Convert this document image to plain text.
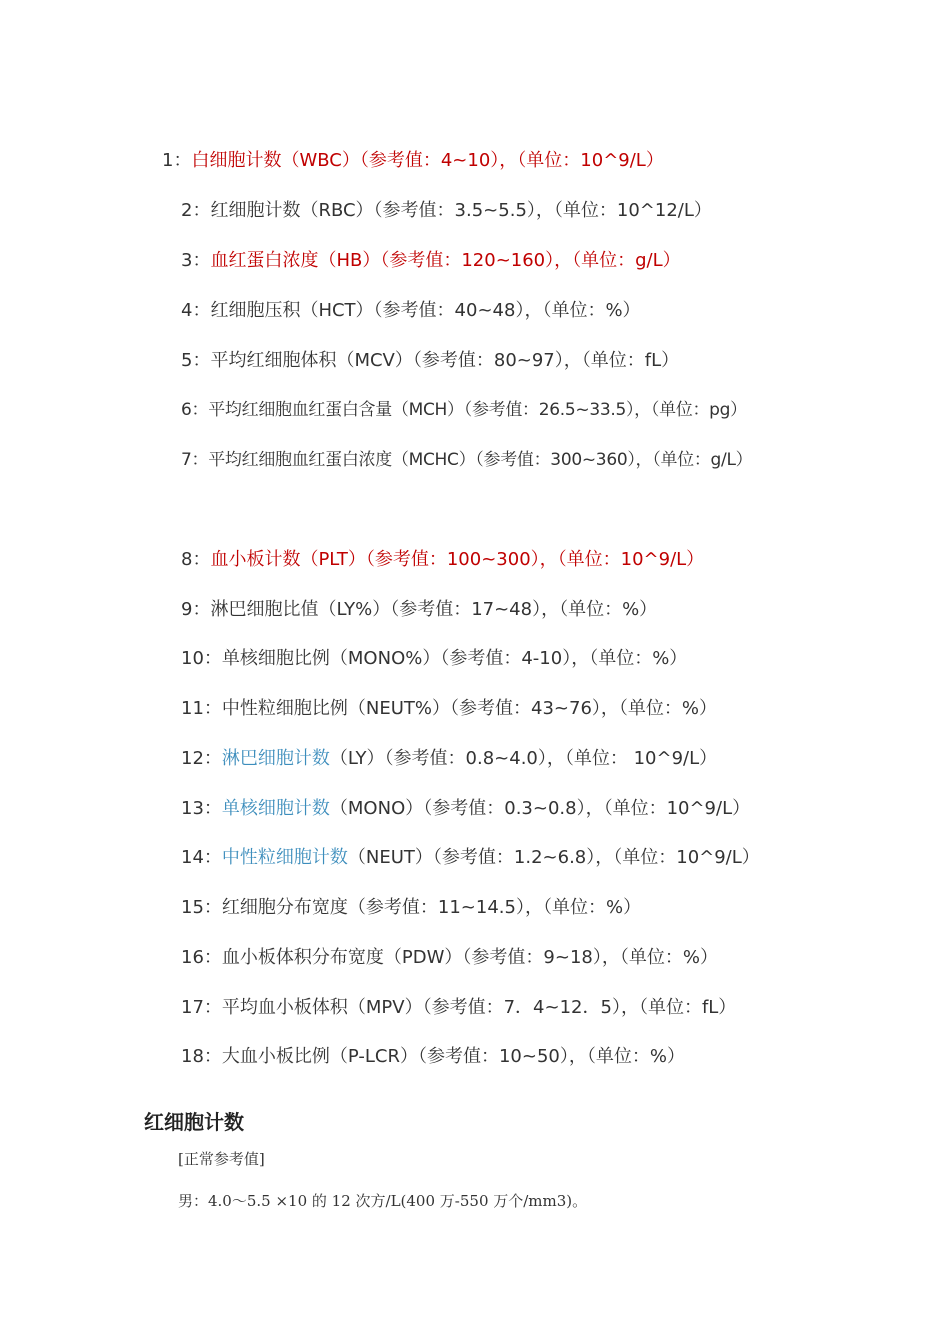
1：白细胞计数（WBC）（参考值：4~10），（单位：10^9/L）
2：红细胞计数（RBC）（参考值：3.5~5.5），（单位：10^12/L）
3：血红蛋白浓度（HB）（参考值：120~160），（单位：g/L）
4：红细胞压积（HCT）（参考值：40~48），（单位：%）
5：平均红细胞体积（MCV）（参考值：80~97），（单位：fL）
6：平均红细胞血红蛋白含量（MCH）（参考值：26.5~33.5），（单位：pg）
7：平均红细胞血红蛋白浓度（MCHC）（参考值：300~360），（单位：g/L）
8：血小板计数（PLT）（参考值：100~300），（单位：10^9/L）
9：淋巴细胞比值（LY%）（参考值：17~48），（单位：%）
10：单核细胞比例（MONO%）（参考值：4-10），（单位：%）
11：中性粒细胞比例（NEUT%）（参考值：43~76），（单位：%）
12：淋巴细胞计数（LY）（参考值：0.8~4.0），（单位： 10^9/L）
13：单核细胞计数（MONO）（参考值：0.3~0.8），（单位：10^9/L）
14：中性粒细胞计数（NEUT）（参考值：1.2~6.8），（单位：10^9/L）
15：红细胞分布宽度（参考值：11~14.5），（单位：%）
16：血小板体积分布宽度（PDW）（参考值：9~18），（单位：%）
17：平均血小板体积（MPV）（参考值：7．4~12．5），（单位：fL）
18：大血小板比例（P-LCR）（参考值：10~50），（单位：%）
红细胞计数
[正常参考值]
男：4.0～5.5 ×10 的 12 次方/L(400 万-550 万个/mm3)。
